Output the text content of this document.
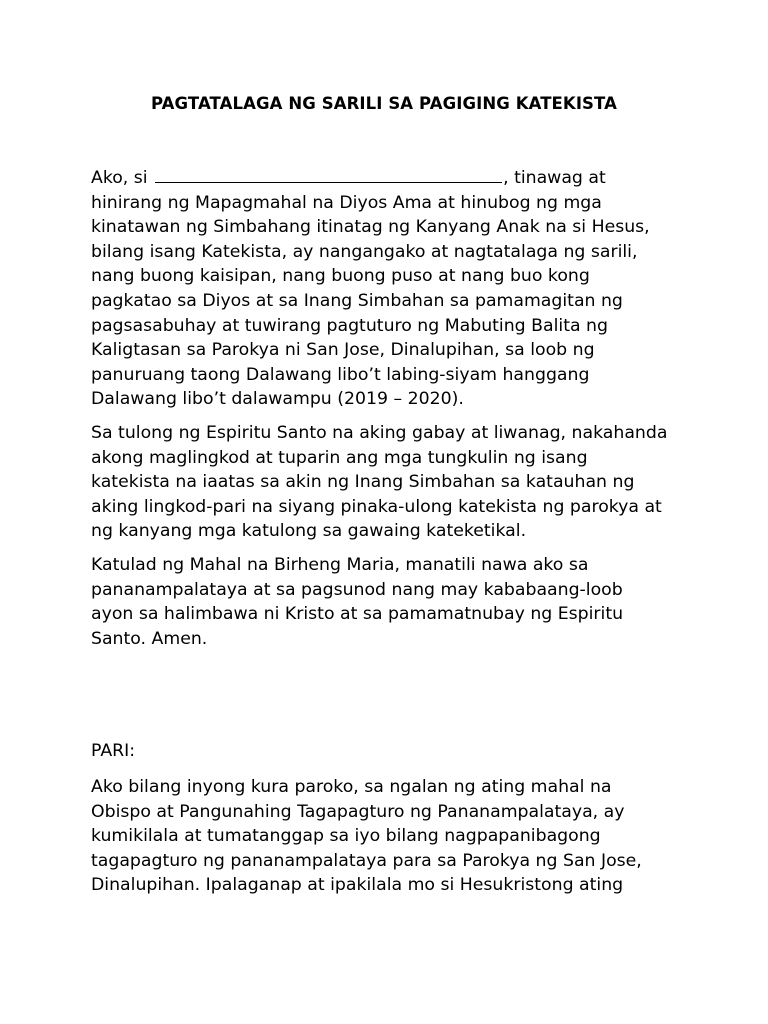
PAGTATALAGA NG SARILI SA PAGIGING KATEKISTA
Ako, si	, tinawag at
hinirang ng Mapagmahal na Diyos Ama at hinubog ng mga
kinatawan ng Simbahang itinatag ng Kanyang Anak na si Hesus,
bilang isang Katekista, ay nangangako at nagtatalaga ng sarili,
nang buong kaisipan, nang buong puso at nang buo kong
pagkatao sa Diyos at sa Inang Simbahan sa pamamagitan ng
pagsasabuhay at tuwirang pagtuturo ng Mabuting Balita ng
Kaligtasan sa Parokya ni San Jose, Dinalupihan, sa loob ng
panuruang taong Dalawang libo’t labing-siyam hanggang
Dalawang libo’t dalawampu (2019 – 2020).
Sa tulong ng Espiritu Santo na aking gabay at liwanag, nakahanda
akong maglingkod at tuparin ang mga tungkulin ng isang
katekista na iaatas sa akin ng Inang Simbahan sa katauhan ng
aking lingkod-pari na siyang pinaka-ulong katekista ng parokya at
ng kanyang mga katulong sa gawaing kateketikal.
Katulad ng Mahal na Birheng Maria, manatili nawa ako sa
pananampalataya at sa pagsunod nang may kababaang-loob
ayon sa halimbawa ni Kristo at sa pamamatnubay ng Espiritu
Santo. Amen.
PARI:
Ako bilang inyong kura paroko, sa ngalan ng ating mahal na
Obispo at Pangunahing Tagapagturo ng Pananampalataya, ay
kumikilala at tumatanggap sa iyo bilang nagpapanibagong
tagapagturo ng pananampalataya para sa Parokya ng San Jose,
Dinalupihan. Ipalaganap at ipakilala mo si Hesukristong ating
